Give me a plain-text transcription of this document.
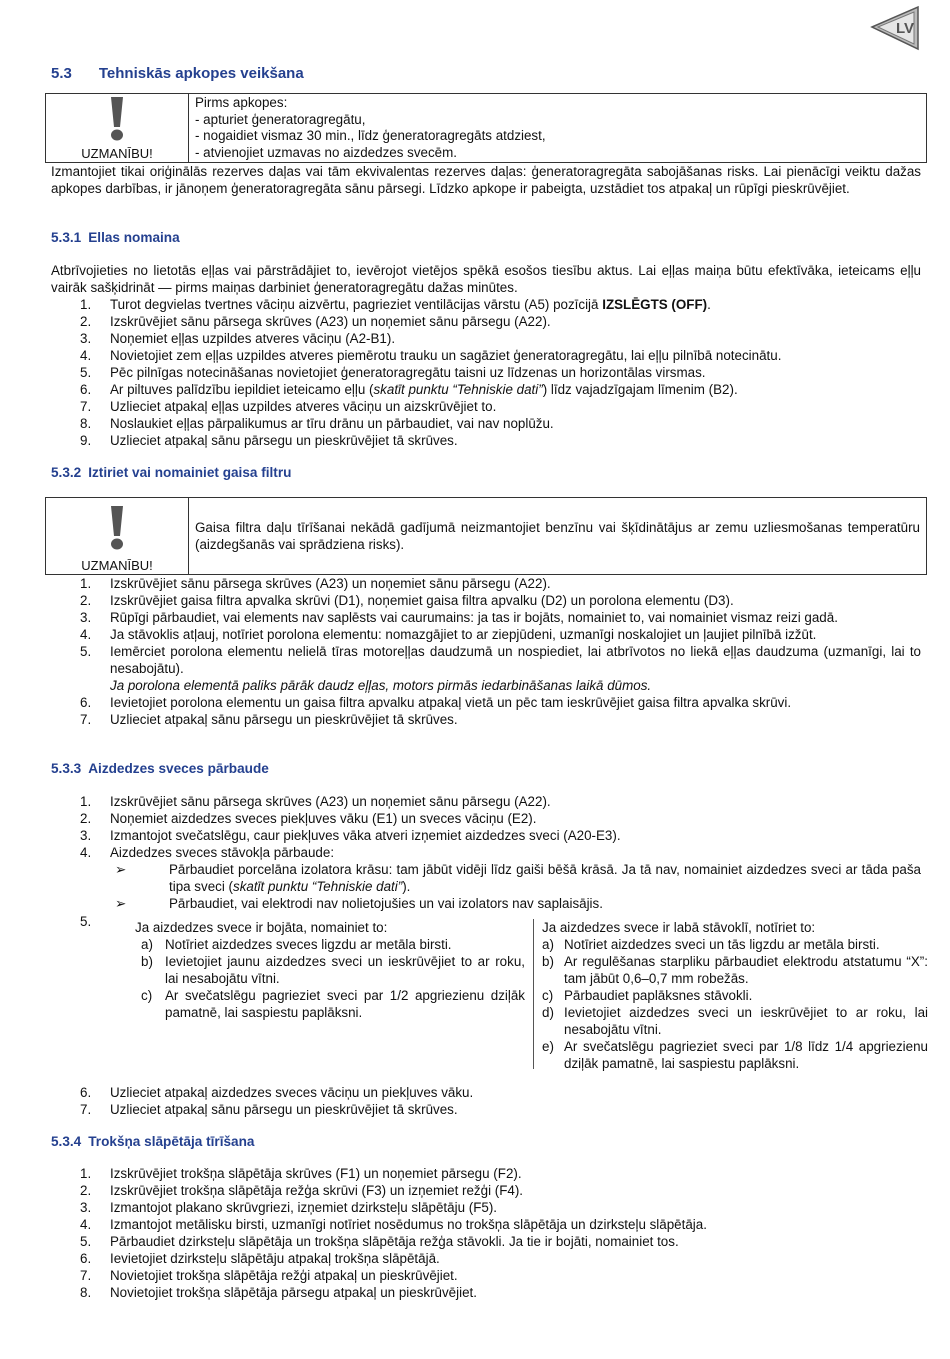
LV
5.3 Tehniskās apkopes veikšana
UZMANĪBU!
Pirms apkopes:
- apturiet ģeneratoragregātu,
- nogaidiet vismaz 30 min., līdz ģeneratoragregāts atdziest,
- atvienojiet uzmavas no aizdedzes svecēm.

Izmantojiet tikai oriģinālās rezerves daļas vai tām ekvivalentas rezerves daļas: ģeneratoragregāta sabojāšanas risks. Lai pienācīgi veiktu dažas apkopes darbības, ir jānoņem ģeneratoragregāta sānu pārsegi. Līdzko apkope ir pabeigta, uzstādiet tos atpakaļ un rūpīgi pieskrūvējiet.

5.3.1 Ellas nomaina

Atbrīvojieties no lietotās eļļas vai pārstrādājiet to, ievērojot vietējos spēkā esošos tiesību aktus. Lai eļļas maiņa būtu efektīvāka, ieteicams eļļu vairāk sašķidrināt — pirms maiņas darbiniet ģeneratoragregātu dažas minūtes.

1.	Turot degvielas tvertnes vāciņu aizvērtu, pagrieziet ventilācijas vārstu (A5) pozīcijā IZSLĒGTS (OFF).
2.	Izskrūvējiet sānu pārsega skrūves (A23) un noņemiet sānu pārsegu (A22).
3.	Noņemiet eļļas uzpildes atveres vāciņu (A2-B1).
4.	Novietojiet zem eļļas uzpildes atveres piemērotu trauku un sagāziet ģeneratoragregātu, lai eļļu pilnībā notecinātu.
5.	Pēc pilnīgas notecināšanas novietojiet ģeneratoragregātu taisni uz līdzenas un horizontālas virsmas.
6.	Ar piltuves palīdzību iepildiet ieteicamo eļļu (skatīt punktu “Tehniskie dati”) līdz vajadzīgajam līmenim (B2).
7.	Uzlieciet atpakaļ eļļas uzpildes atveres vāciņu un aizskrūvējiet to.
8.	Noslaukiet eļļas pārpalikumus ar tīru drānu un pārbaudiet, vai nav noplūžu.
9.	Uzlieciet atpakaļ sānu pārsegu un pieskrūvējiet tā skrūves.
5.3.2 Iztiriet vai nomainiet gaisa filtru
UZMANĪBU!
Gaisa filtra daļu tīrīšanai nekādā gadījumā neizmantojiet benzīnu vai šķīdinātājus ar zemu uzliesmošanas temperatūru (aizdegšanās vai sprādziena risks).
1.	Izskrūvējiet sānu pārsega skrūves (A23) un noņemiet sānu pārsegu (A22).
2.	Izskrūvējiet gaisa filtra apvalka skrūvi (D1), noņemiet gaisa filtra apvalku (D2) un porolona elementu (D3).
3.	Rūpīgi pārbaudiet, vai elements nav saplēsts vai caurumains: ja tas ir bojāts, nomainiet to, vai nomainiet vismaz reizi gadā.
4.	Ja stāvoklis atļauj, notīriet porolona elementu: nomazgājiet to ar ziepjūdeni, uzmanīgi noskalojiet un ļaujiet pilnībā izžūt.
5.	Iemērciet porolona elementu nelielā tīras motoreļļas daudzumā un nospiediet, lai atbrīvotos no liekā eļļas daudzuma (uzmanīgi, lai to nesabojātu).
Ja porolona elementā paliks pārāk daudz eļļas, motors pirmās iedarbināšanas laikā dūmos.
6.	Ievietojiet porolona elementu un gaisa filtra apvalku atpakaļ vietā un pēc tam ieskrūvējiet gaisa filtra apvalka skrūvi.
7.	Uzlieciet atpakaļ sānu pārsegu un pieskrūvējiet tā skrūves.
5.3.3 Aizdedzes sveces pārbaude
1.	Izskrūvējiet sānu pārsega skrūves (A23) un noņemiet sānu pārsegu (A22).
2.	Noņemiet aizdedzes sveces piekļuves vāku (E1) un sveces vāciņu (E2).
3.	Izmantojot svečatslēgu, caur piekļuves vāka atveri izņemiet aizdedzes sveci (A20-E3).
4.	Aizdedzes sveces stāvokļa pārbaude:
➢	Pārbaudiet porcelāna izolatora krāsu: tam jābūt vidēji līdz gaiši bēšā krāsā. Ja tā nav, nomainiet aizdedzes sveci ar tāda paša tipa sveci (skatīt punktu “Tehniskie dati”).
➢	Pārbaudiet, vai elektrodi nav nolietojušies un vai izolators nav saplaisājis.
5.	Ja aizdedzes svece ir bojāta, nomainiet to:
a) Notīriet aizdedzes sveces ligzdu ar metāla birsti.
b) Ievietojiet jaunu aizdedzes sveci un ieskrūvējiet to ar roku, lai nesabojātu vītni.
c) Ar svečatslēgu pagrieziet sveci par 1/2 apgriezienu dziļāk pamatnē, lai saspiestu paplāksni.
Ja aizdedzes svece ir labā stāvoklī, notīriet to:
a) Notīriet aizdedzes sveci un tās ligzdu ar metāla birsti.
b) Ar regulēšanas starpliku pārbaudiet elektrodu atstatumu “X”: tam jābūt 0,6–0,7 mm robežās.
c) Pārbaudiet paplāksnes stāvokli.
d) Ievietojiet aizdedzes sveci un ieskrūvējiet to ar roku, lai nesabojātu vītni.
e) Ar svečatslēgu pagrieziet sveci par 1/8 līdz 1/4 apgriezienu dziļāk pamatnē, lai saspiestu paplāksni.
6.	Uzlieciet atpakaļ aizdedzes sveces vāciņu un piekļuves vāku.
7.	Uzlieciet atpakaļ sānu pārsegu un pieskrūvējiet tā skrūves.
5.3.4 Trokšņa slāpētāja tīrīšana
1.	Izskrūvējiet trokšņa slāpētāja skrūves (F1) un noņemiet pārsegu (F2).
2.	Izskrūvējiet trokšņa slāpētāja režģa skrūvi (F3) un izņemiet režģi (F4).
3.	Izmantojot plakano skrūvgriezi, izņemiet dzirksteļu slāpētāju (F5).
4.	Izmantojot metālisku birsti, uzmanīgi notīriet nosēdumus no trokšņa slāpētāja un dzirksteļu slāpētāja.
5.	Pārbaudiet dzirksteļu slāpētāja un trokšņa slāpētāja režģa stāvokli. Ja tie ir bojāti, nomainiet tos.
6.	Ievietojiet dzirksteļu slāpētāju atpakaļ trokšņa slāpētājā.
7.	Novietojiet trokšņa slāpētāja režģi atpakaļ un pieskrūvējiet.
8.	Novietojiet trokšņa slāpētāja pārsegu atpakaļ un pieskrūvējiet.
